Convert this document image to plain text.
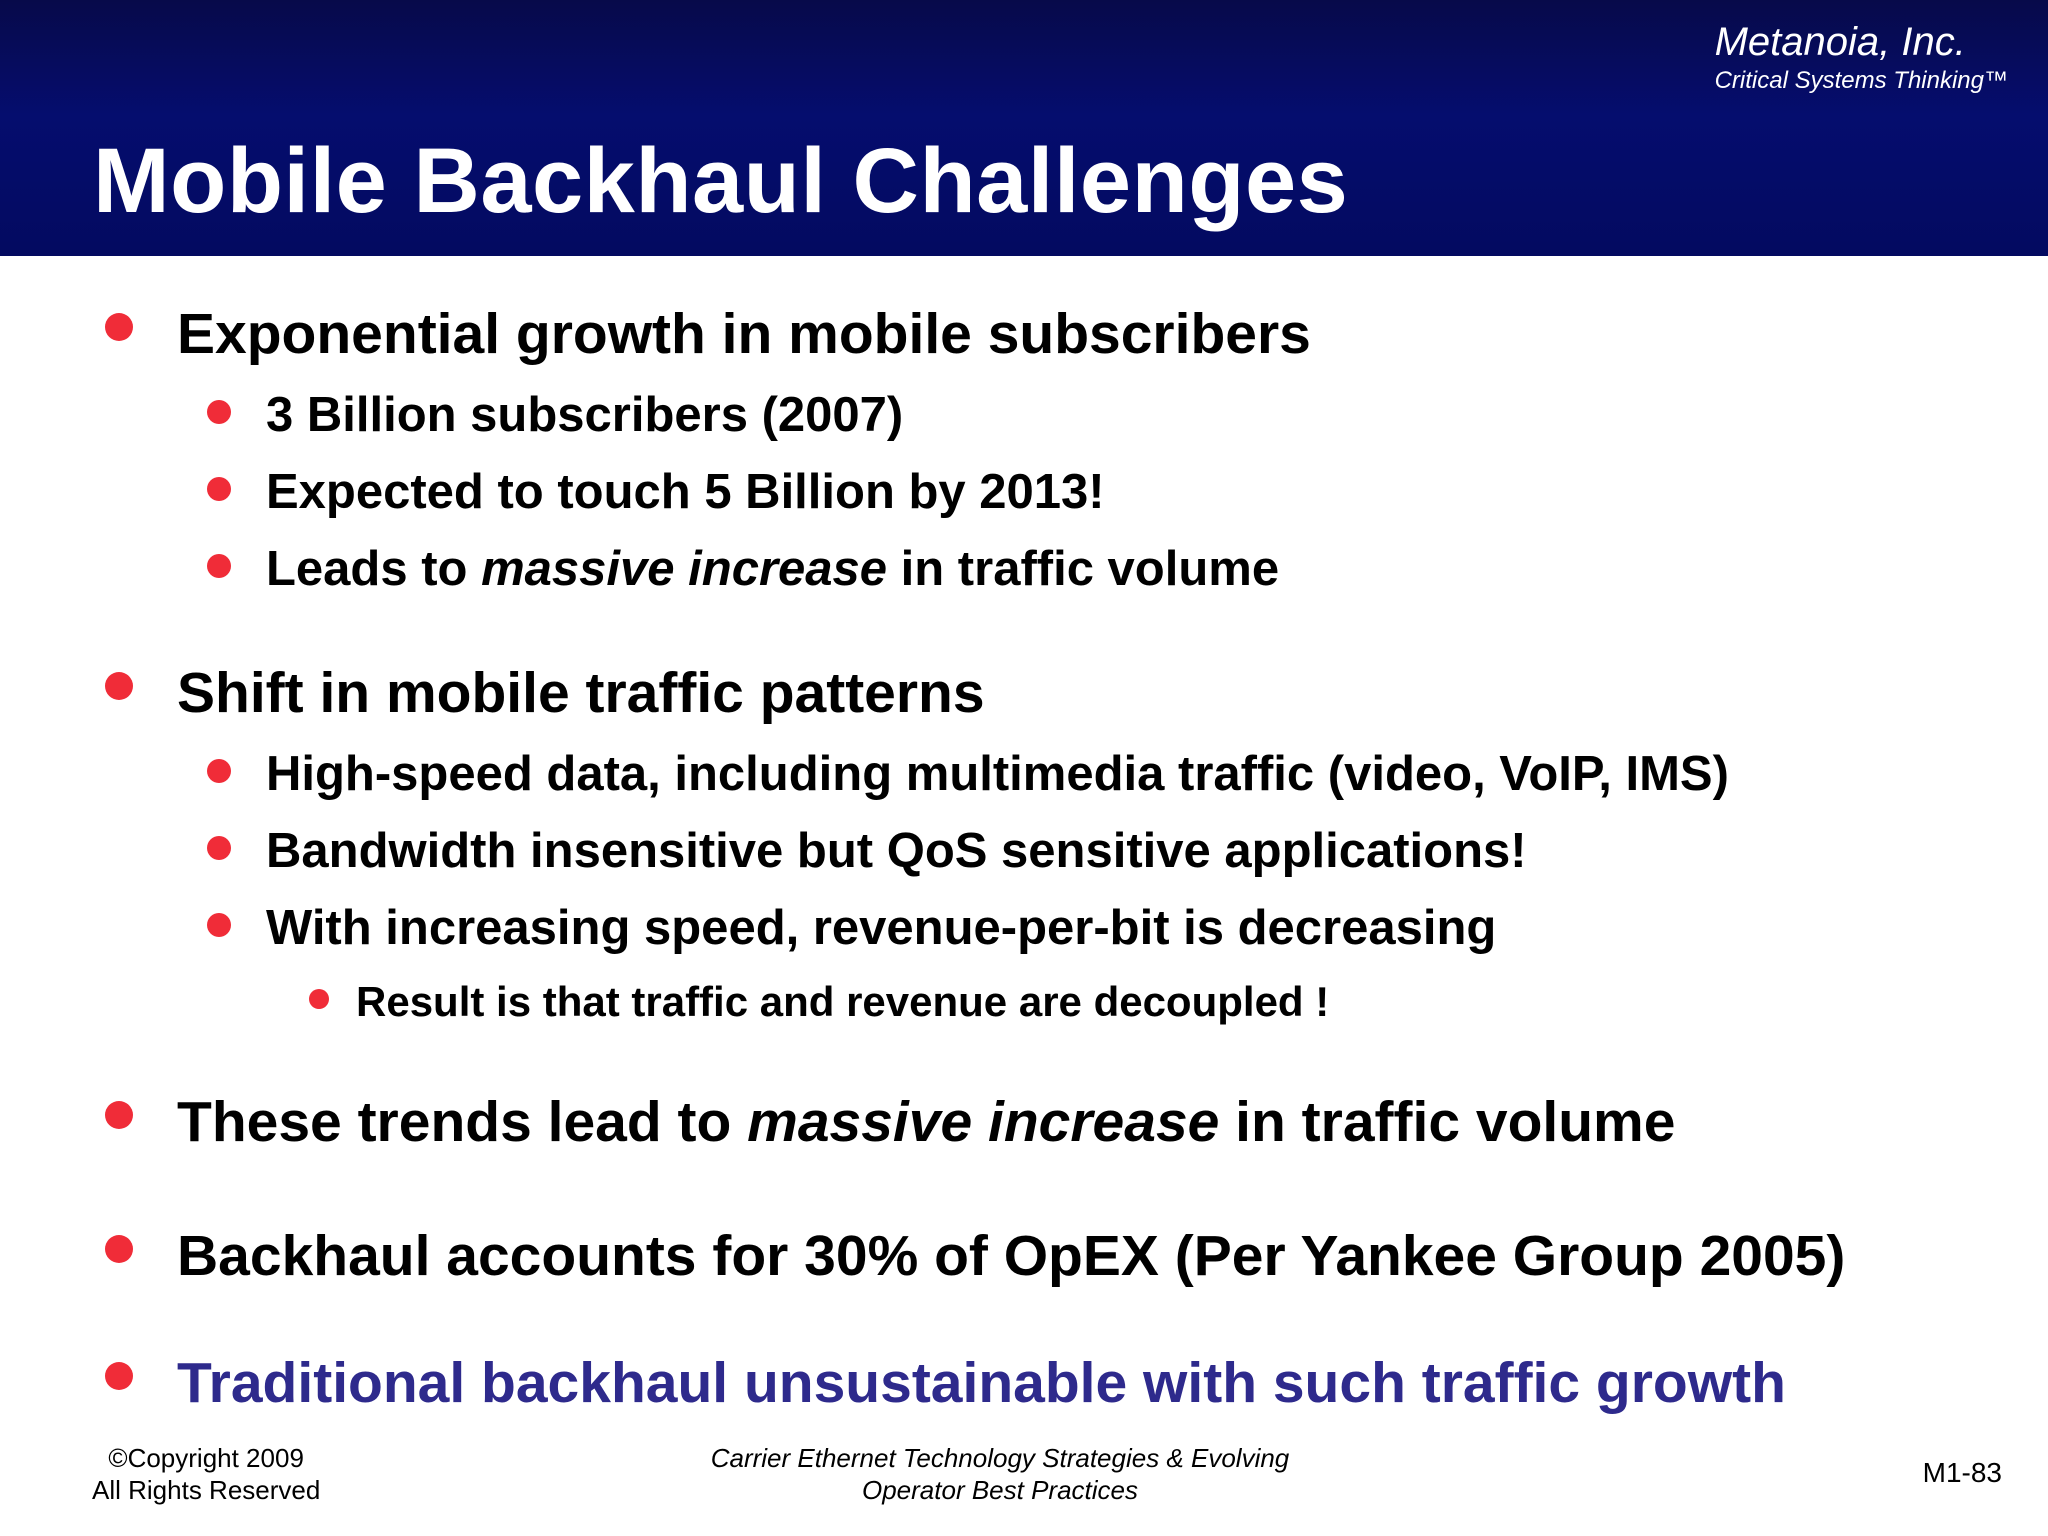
Metanoia, Inc.
Critical Systems Thinking™
Mobile Backhaul Challenges
Exponential growth in mobile subscribers
3 Billion subscribers (2007)
Expected to touch 5 Billion by 2013!
Leads to massive increase in traffic volume
Shift in mobile traffic patterns
High-speed data, including multimedia traffic (video, VoIP, IMS)
Bandwidth insensitive but QoS sensitive applications!
With increasing speed, revenue-per-bit is decreasing
Result is that traffic and revenue are decoupled !
These trends lead to massive increase in traffic volume
Backhaul accounts for 30% of OpEX (Per Yankee Group 2005)
Traditional backhaul unsustainable with such traffic growth
©Copyright 2009
All Rights Reserved
Carrier Ethernet Technology Strategies & Evolving
Operator Best Practices
M1-83
